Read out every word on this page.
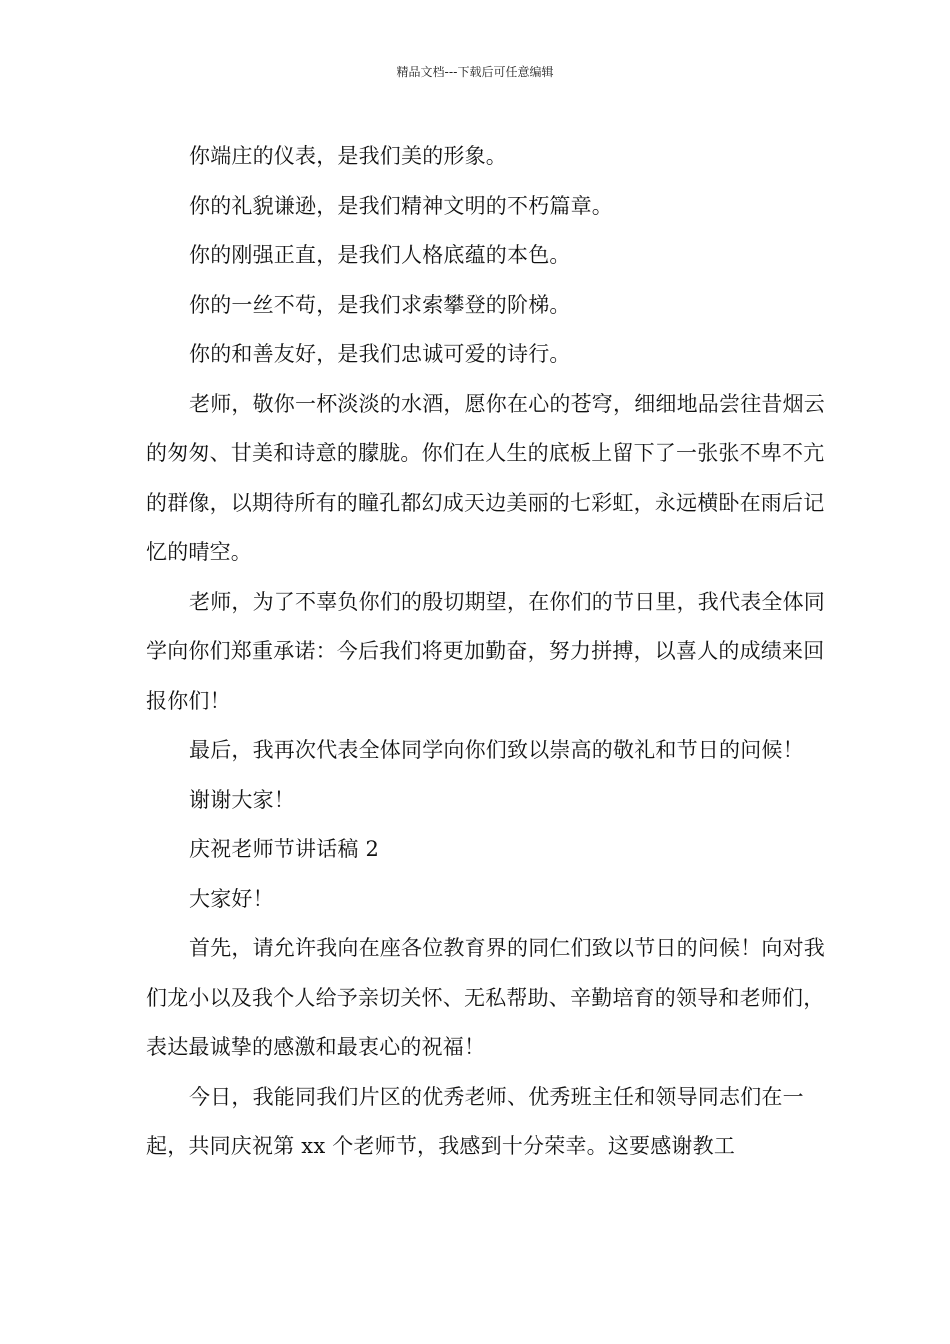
精品文档---下载后可任意编辑

你端庄的仪表，是我们美的形象。

你的礼貌谦逊，是我们精神文明的不朽篇章。

你的刚强正直，是我们人格底蕴的本色。

你的一丝不苟，是我们求索攀登的阶梯。

你的和善友好，是我们忠诚可爱的诗行。

老师，敬你一杯淡淡的水酒，愿你在心的苍穹，细细地品尝往昔烟云的匆匆、甘美和诗意的朦胧。你们在人生的底板上留下了一张张不卑不亢的群像，以期待所有的瞳孔都幻成天边美丽的七彩虹，永远横卧在雨后记忆的晴空。

老师，为了不辜负你们的殷切期望，在你们的节日里，我代表全体同学向你们郑重承诺：今后我们将更加勤奋，努力拼搏，以喜人的成绩来回报你们！

最后，我再次代表全体同学向你们致以崇高的敬礼和节日的问候！

谢谢大家！

庆祝老师节讲话稿 2

大家好！

首先，请允许我向在座各位教育界的同仁们致以节日的问候！向对我们龙小以及我个人给予亲切关怀、无私帮助、辛勤培育的领导和老师们，表达最诚挚的感激和最衷心的祝福！

今日，我能同我们片区的优秀老师、优秀班主任和领导同志们在一起，共同庆祝第 xx 个老师节，我感到十分荣幸。这要感谢教工
